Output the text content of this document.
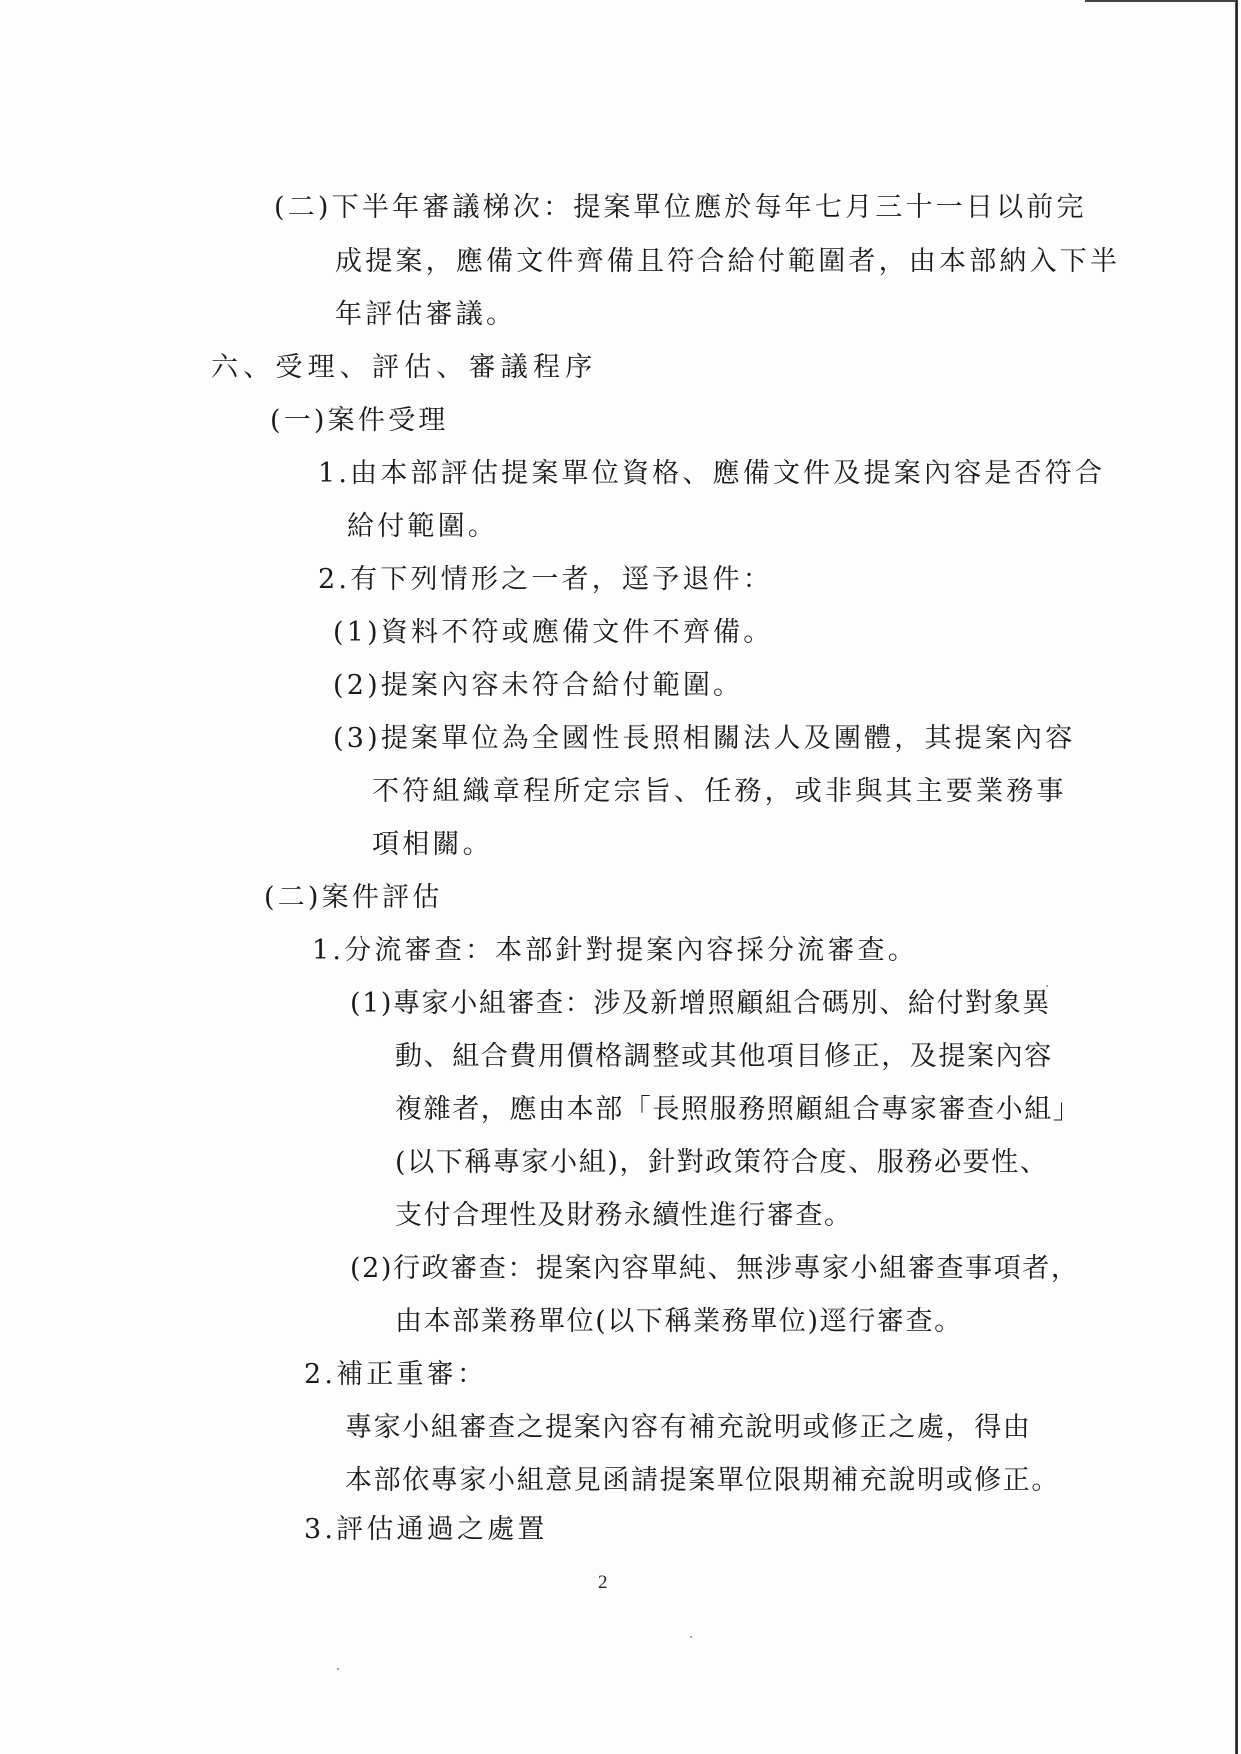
(二)下半年審議梯次：提案單位應於每年七月三十一日以前完
成提案，應備文件齊備且符合給付範圍者，由本部納入下半
年評估審議。
六、受理、評估、審議程序
(一)案件受理
1.由本部評估提案單位資格、應備文件及提案內容是否符合
給付範圍。
2.有下列情形之一者，逕予退件：
(1)資料不符或應備文件不齊備。
(2)提案內容未符合給付範圍。
(3)提案單位為全國性長照相關法人及團體，其提案內容
不符組織章程所定宗旨、任務，或非與其主要業務事
項相關。
(二)案件評估
1.分流審查：本部針對提案內容採分流審查。
(1)專家小組審查：涉及新增照顧組合碼別、給付對象異
動、組合費用價格調整或其他項目修正，及提案內容
複雜者，應由本部「長照服務照顧組合專家審查小組」
(以下稱專家小組)，針對政策符合度、服務必要性、
支付合理性及財務永續性進行審查。
(2)行政審查：提案內容單純、無涉專家小組審查事項者，
由本部業務單位(以下稱業務單位)逕行審查。
2.補正重審：
專家小組審查之提案內容有補充說明或修正之處，得由
本部依專家小組意見函請提案單位限期補充說明或修正。
3.評估通過之處置
2
